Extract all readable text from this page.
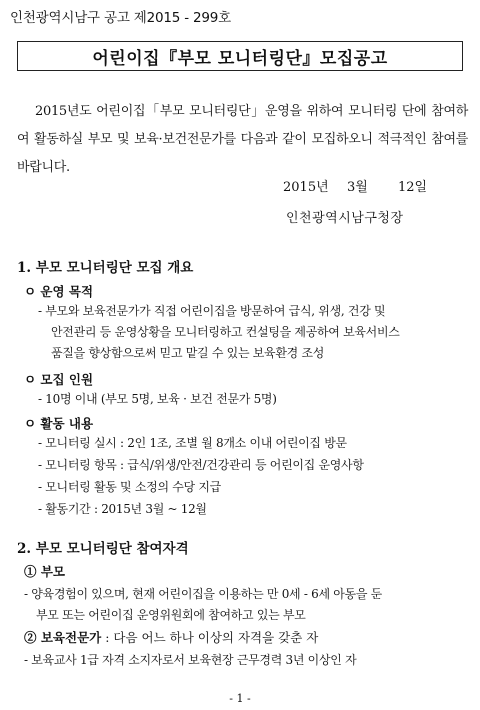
인천광역시남구 공고 제2015 - 299호
어린이집『부모 모니터링단』모집공고
2015년도 어린이집「부모 모니터링단」운영을 위하여 모니터링 단에 참여하여 활동하실 부모 및 보육·보건전문가를 다음과 같이 모집하오니 적극적인 참여를 바랍니다.
2015년 3월 12일
인천광역시남구청장
1. 부모 모니터링단 모집 개요
ㅇ 운영 목적
- 부모와 보육전문가가 직접 어린이집을 방문하여 급식, 위생, 건강 및
안전관리 등 운영상황을 모니터링하고 컨설팅을 제공하여 보육서비스
품질을 향상함으로써 믿고 맡길 수 있는 보육환경 조성
ㅇ 모집 인원
- 10명 이내 (부모 5명, 보육 · 보건 전문가 5명)
ㅇ 활동 내용
- 모니터링 실시 : 2인 1조, 조별 월 8개소 이내 어린이집 방문
- 모니터링 항목 : 급식/위생/안전/건강관리 등 어린이집 운영사항
- 모니터링 활동 및 소정의 수당 지급
- 활동기간 : 2015년 3월 ~ 12월
2. 부모 모니터링단 참여자격
① 부모
- 양육경험이 있으며, 현재 어린이집을 이용하는 만 0세 - 6세 아동을 둔
부모 또는 어린이집 운영위원회에 참여하고 있는 부모
② 보육전문가 : 다음 어느 하나 이상의 자격을 갖춘 자
- 보육교사 1급 자격 소지자로서 보육현장 근무경력 3년 이상인 자
- 1 -
